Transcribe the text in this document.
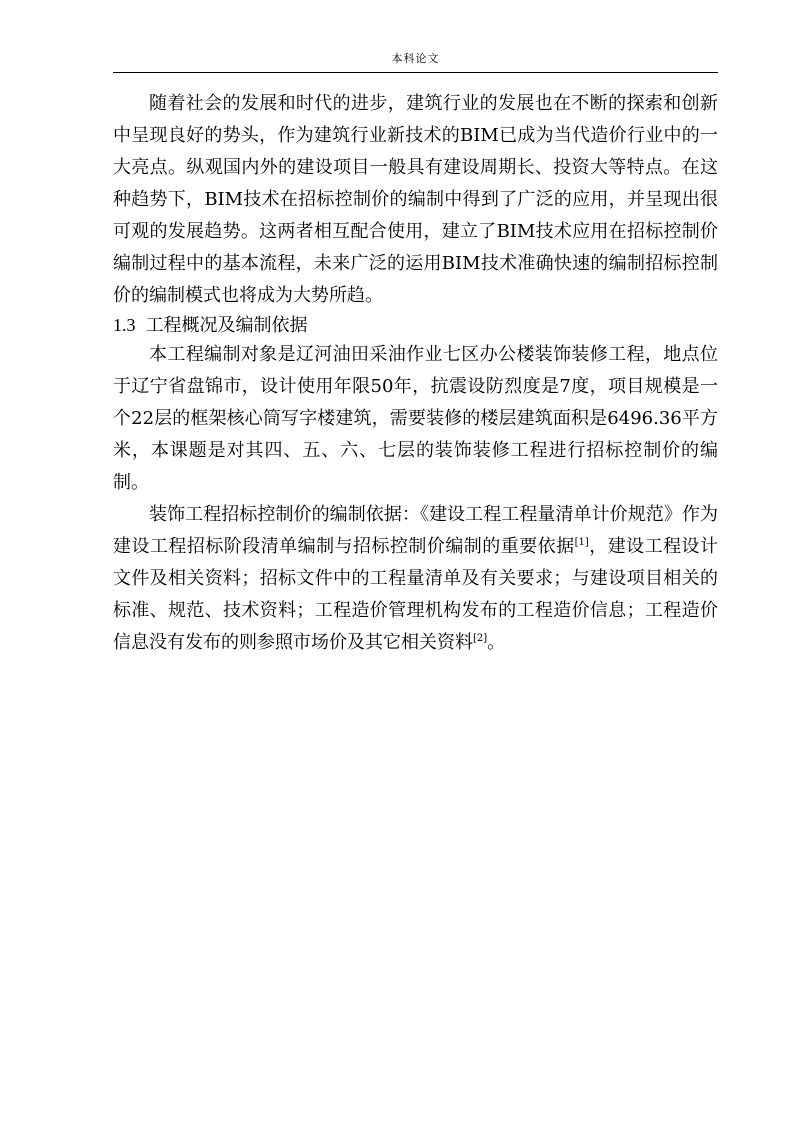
本科论文

随着社会的发展和时代的进步，建筑行业的发展也在不断的探索和创新中呈现良好的势头，作为建筑行业新技术的BIM已成为当代造价行业中的一大亮点。纵观国内外的建设项目一般具有建设周期长、投资大等特点。在这种趋势下，BIM技术在招标控制价的编制中得到了广泛的应用，并呈现出很可观的发展趋势。这两者相互配合使用，建立了BIM技术应用在招标控制价编制过程中的基本流程，未来广泛的运用BIM技术准确快速的编制招标控制价的编制模式也将成为大势所趋。

1.3 工程概况及编制依据

本工程编制对象是辽河油田采油作业七区办公楼装饰装修工程，地点位于辽宁省盘锦市，设计使用年限50年，抗震设防烈度是7度，项目规模是一个22层的框架核心筒写字楼建筑，需要装修的楼层建筑面积是6496.36平方米，本课题是对其四、五、六、七层的装饰装修工程进行招标控制价的编制。

装饰工程招标控制价的编制依据：《建设工程工程量清单计价规范》作为建设工程招标阶段清单编制与招标控制价编制的重要依据[1]，建设工程设计文件及相关资料；招标文件中的工程量清单及有关要求；与建设项目相关的标准、规范、技术资料；工程造价管理机构发布的工程造价信息；工程造价信息没有发布的则参照市场价及其它相关资料[2]。
